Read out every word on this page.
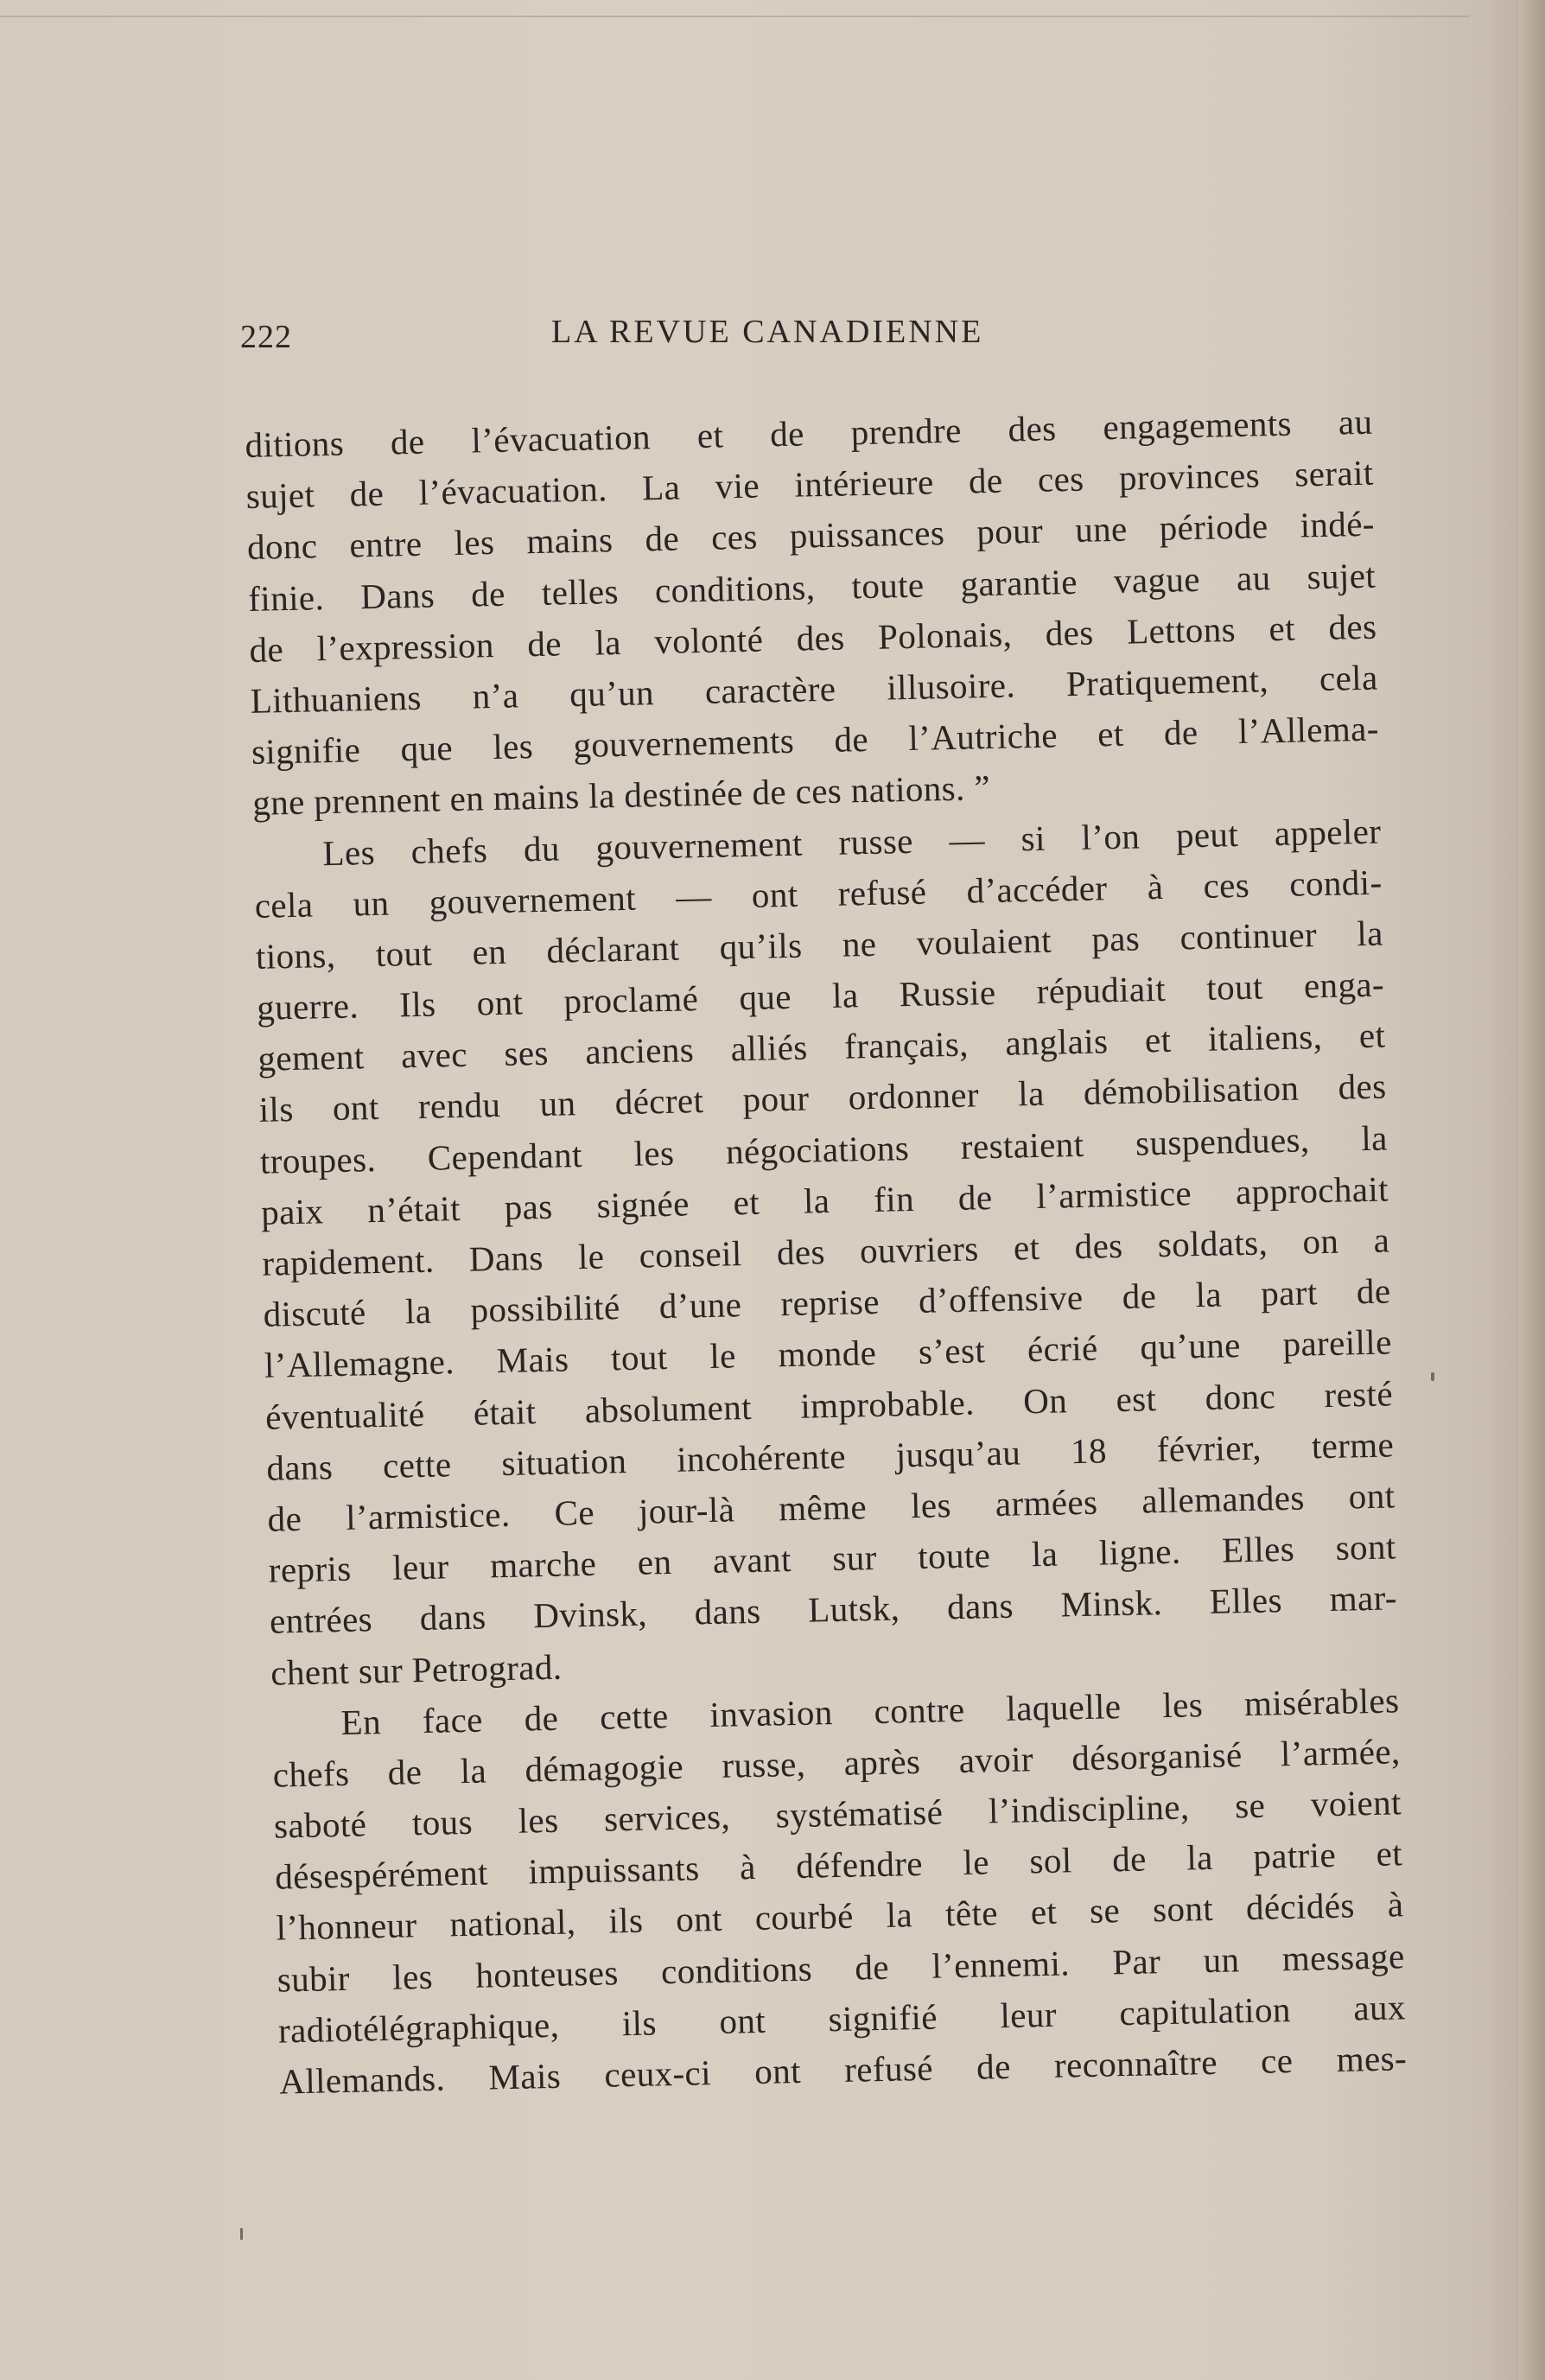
222	LA REVUE CANADIENNE
ditions de l’évacuation et de prendre des engagements au
sujet de l’évacuation. La vie intérieure de ces provinces serait
donc entre les mains de ces puissances pour une période indé-
finie. Dans de telles conditions, toute garantie vague au sujet
de l’expression de la volonté des Polonais, des Lettons et des
Lithuaniens n’a qu’un caractère illusoire. Pratiquement, cela
signifie que les gouvernements de l’Autriche et de l’Allema-
gne prennent en mains la destinée de ces nations. ”
Les chefs du gouvernement russe — si l’on peut appeler
cela un gouvernement — ont refusé d’accéder à ces condi-
tions, tout en déclarant qu’ils ne voulaient pas continuer la
guerre. Ils ont proclamé que la Russie répudiait tout enga-
gement avec ses anciens alliés français, anglais et italiens, et
ils ont rendu un décret pour ordonner la démobilisation des
troupes. Cependant les négociations restaient suspendues, la
paix n’était pas signée et la fin de l’armistice approchait
rapidement. Dans le conseil des ouvriers et des soldats, on a
discuté la possibilité d’une reprise d’offensive de la part de
l’Allemagne. Mais tout le monde s’est écrié qu’une pareille
éventualité était absolument improbable. On est donc resté
dans cette situation incohérente jusqu’au 18 février, terme
de l’armistice. Ce jour-là même les armées allemandes ont
repris leur marche en avant sur toute la ligne. Elles sont
entrées dans Dvinsk, dans Lutsk, dans Minsk. Elles mar-
chent sur Petrograd.
En face de cette invasion contre laquelle les misérables
chefs de la démagogie russe, après avoir désorganisé l’armée,
saboté tous les services, systématisé l’indiscipline, se voient
désespérément impuissants à défendre le sol de la patrie et
l’honneur national, ils ont courbé la tête et se sont décidés à
subir les honteuses conditions de l’ennemi. Par un message
radiotélégraphique, ils ont signifié leur capitulation aux
Allemands. Mais ceux-ci ont refusé de reconnaître ce mes-
